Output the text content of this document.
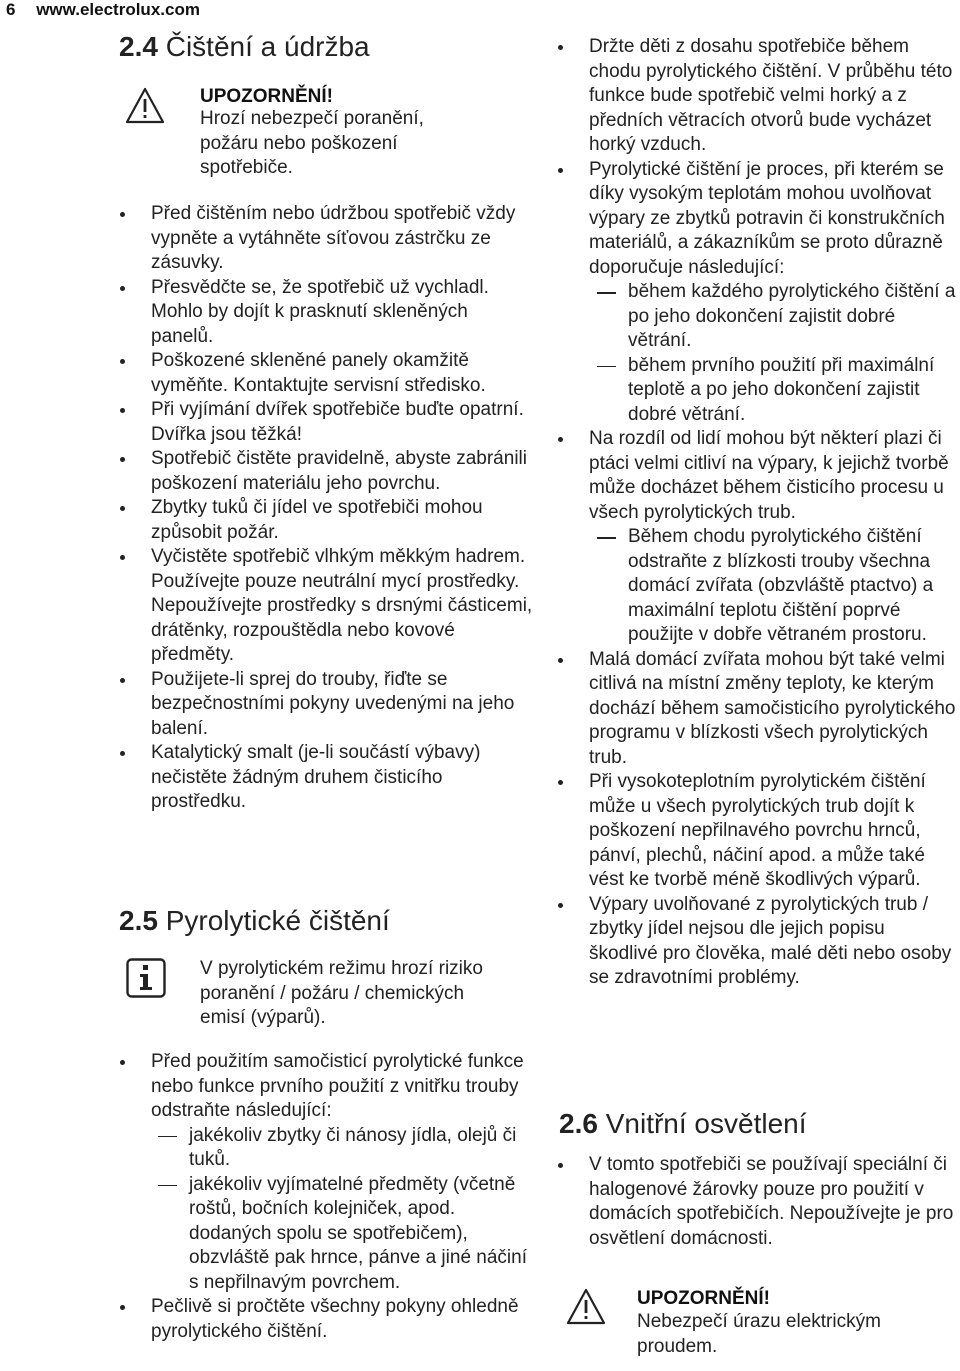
6 www.electrolux.com
2.4 Čištění a údržba
UPOZORNĚNÍ!
Hrozí nebezpečí poranění, požáru nebo poškození spotřebiče.
Před čištěním nebo údržbou spotřebič vždy vypněte a vytáhněte síťovou zástrčku ze zásuvky.
Přesvědčte se, že spotřebič už vychladl. Mohlo by dojít k prasknutí skleněných panelů.
Poškozené skleněné panely okamžitě vyměňte. Kontaktujte servisní středisko.
Při vyjímání dvířek spotřebiče buďte opatrní. Dvířka jsou těžká!
Spotřebič čistěte pravidelně, abyste zabránili poškození materiálu jeho povrchu.
Zbytky tuků či jídel ve spotřebiči mohou způsobit požár.
Vyčistěte spotřebič vlhkým měkkým hadrem. Používejte pouze neutrální mycí prostředky. Nepoužívejte prostředky s drsnými částicemi, drátěnky, rozpouštědla nebo kovové předměty.
Použijete-li sprej do trouby, řiďte se bezpečnostními pokyny uvedenými na jeho balení.
Katalytický smalt (je-li součástí výbavy) nečistěte žádným druhem čisticího prostředku.
2.5 Pyrolytické čištění
V pyrolytickém režimu hrozí riziko poranění / požáru / chemických emisí (výparů).
Před použitím samočisticí pyrolytické funkce nebo funkce prvního použití z vnitřku trouby odstraňte následující:
jakékoliv zbytky či nánosy jídla, olejů či tuků.
jakékoliv vyjímatelné předměty (včetně roštů, bočních kolejniček, apod. dodaných spolu se spotřebičem), obzvláště pak hrnce, pánve a jiné náčiní s nepřilnavým povrchem.
Pečlivě si pročtěte všechny pokyny ohledně pyrolytického čištění.
Držte děti z dosahu spotřebiče během chodu pyrolytického čištění. V průběhu této funkce bude spotřebič velmi horký a z předních větracích otvorů bude vycházet horký vzduch.
Pyrolytické čištění je proces, při kterém se díky vysokým teplotám mohou uvolňovat výpary ze zbytků potravin či konstrukčních materiálů, a zákazníkům se proto důrazně doporučuje následující:
během každého pyrolytického čištění a po jeho dokončení zajistit dobré větrání.
během prvního použití při maximální teplotě a po jeho dokončení zajistit dobré větrání.
Na rozdíl od lidí mohou být některí plazi či ptáci velmi citliví na výpary, k jejichž tvorbě může docházet během čisticího procesu u všech pyrolytických trub.
Během chodu pyrolytického čištění odstraňte z blízkosti trouby všechna domácí zvířata (obzvláště ptactvo) a maximální teplotu čištění poprvé použijte v dobře větraném prostoru.
Malá domácí zvířata mohou být také velmi citlivá na místní změny teploty, ke kterým dochází během samočisticího pyrolytického programu v blízkosti všech pyrolytických trub.
Při vysokoteplotním pyrolytickém čištění může u všech pyrolytických trub dojít k poškození nepřilnavého povrchu hrnců, pánví, plechů, náčiní apod. a může také vést ke tvorbě méně škodlivých výparů.
Výpary uvolňované z pyrolytických trub / zbytky jídel nejsou dle jejich popisu škodlivé pro člověka, malé děti nebo osoby se zdravotními problémy.
2.6 Vnitřní osvětlení
V tomto spotřebiči se používají speciální či halogenové žárovky pouze pro použití v domácích spotřebičích. Nepoužívejte je pro osvětlení domácnosti.
UPOZORNĚNÍ!
Nebezpečí úrazu elektrickým proudem.
